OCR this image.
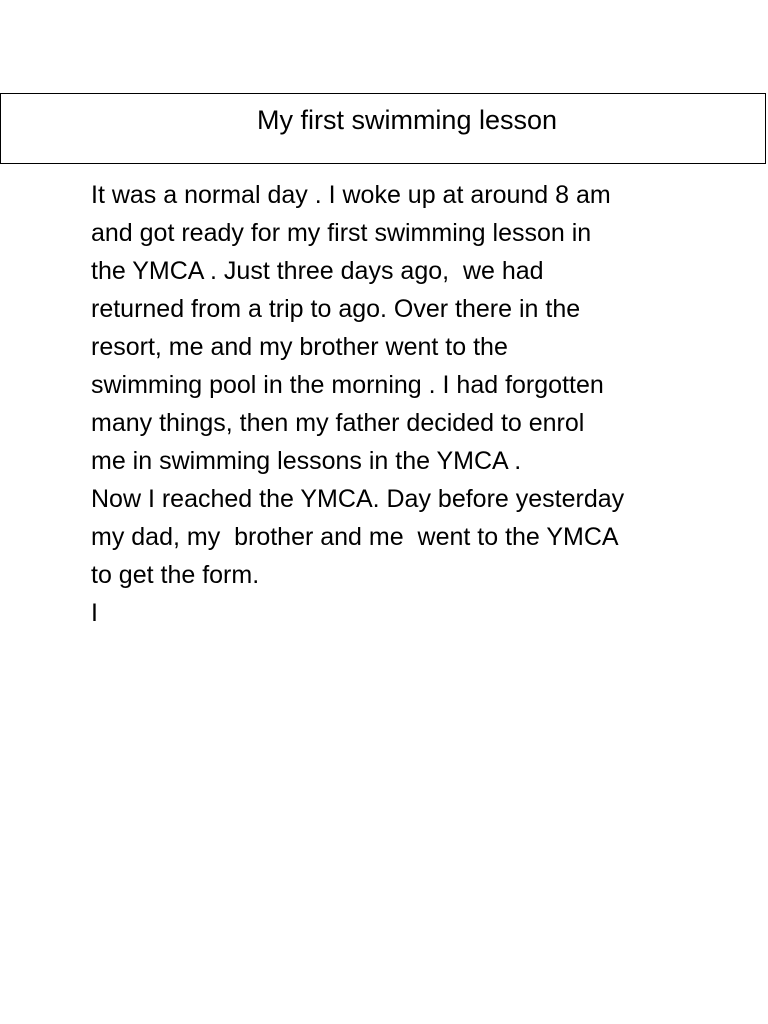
My first swimming lesson
It was a normal day . I woke up at around 8 am
and got ready for my first swimming lesson in
the YMCA . Just three days ago,  we had
returned from a trip to ago. Over there in the
resort, me and my brother went to the
swimming pool in the morning . I had forgotten
many things, then my father decided to enrol
me in swimming lessons in the YMCA .
Now I reached the YMCA. Day before yesterday
my dad, my  brother and me  went to the YMCA
to get the form.
I
